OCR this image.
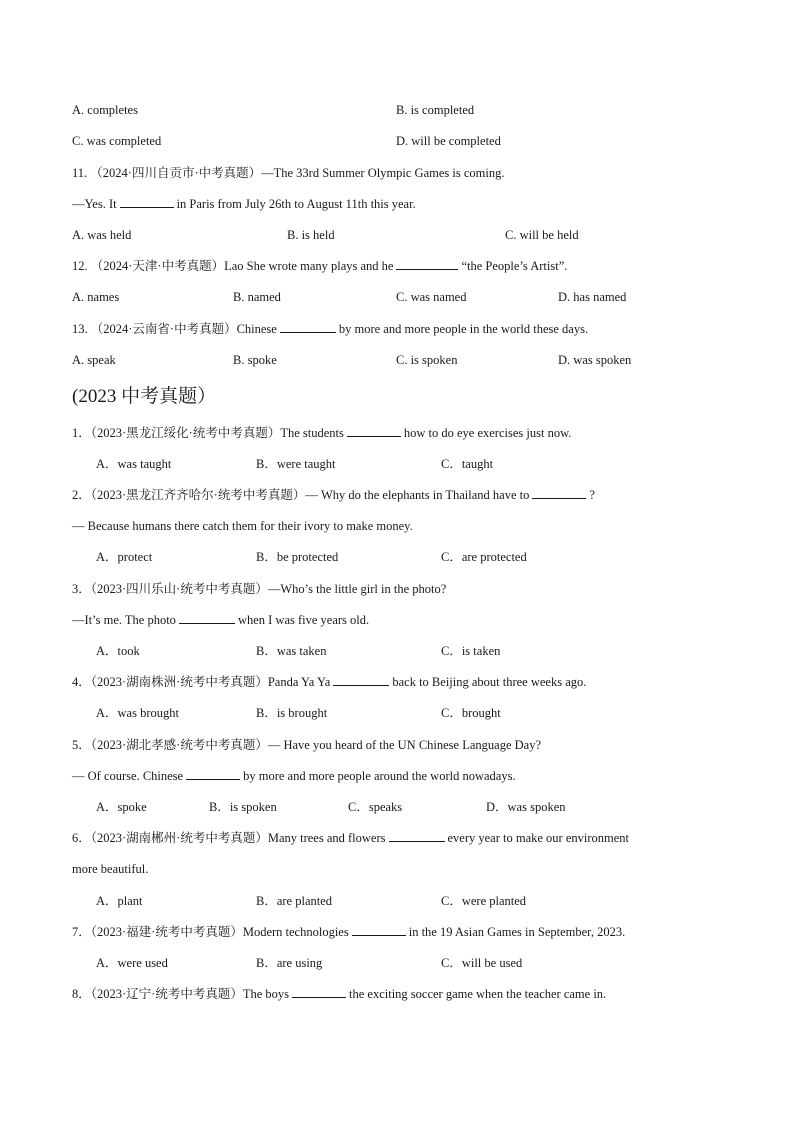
A. completes	B. is completed
C. was completed	D. will be completed
11. （2024·四川自贡市·中考真题）—The 33rd Summer Olympic Games is coming.
—Yes. It	in Paris from July 26th to August 11th this year.
A. was held	B. is held	C. will be held
12. （2024·天津·中考真题）Lao She wrote many plays and he	“the People’s Artist”.
A. names	B. named	C. was named	D. has named
13. （2024·云南省·中考真题）Chinese	by more and more people in the world these days.
A. speak	B. spoke	C. is spoken	D. was spoken
(2023 中考真题）
1．（2023·黑龙江绥化·统考中考真题）The students	how to do eye exercises just now.
A．was taught	B．were taught	C．taught
2．（2023·黑龙江齐齐哈尔·统考中考真题）— Why do the elephants in Thailand have to	?
— Because humans there catch them for their ivory to make money.
A．protect	B．be protected	C．are protected
3．（2023·四川乐山·统考中考真题）—Who’s the little girl in the photo?
—It’s me. The photo	when I was five years old.
A．took	B．was taken	C．is taken
4．（2023·湖南株洲·统考中考真题）Panda Ya Ya	back to Beijing about three weeks ago.
A．was brought	B．is brought	C．brought
5．（2023·湖北孝感·统考中考真题）— Have you heard of the UN Chinese Language Day?
— Of course. Chinese	by more and more people around the world nowadays.
A．spoke	B．is spoken	C．speaks	D．was spoken
6．（2023·湖南郴州·统考中考真题）Many trees and flowers	every year to make our environment
more beautiful.
A．plant	B．are planted	C．were planted
7．（2023·福建·统考中考真题）Modern technologies	in the 19 Asian Games in September, 2023.
A．were used	B．are using	C．will be used
8．（2023·辽宁·统考中考真题）The boys	the exciting soccer game when the teacher came in.
